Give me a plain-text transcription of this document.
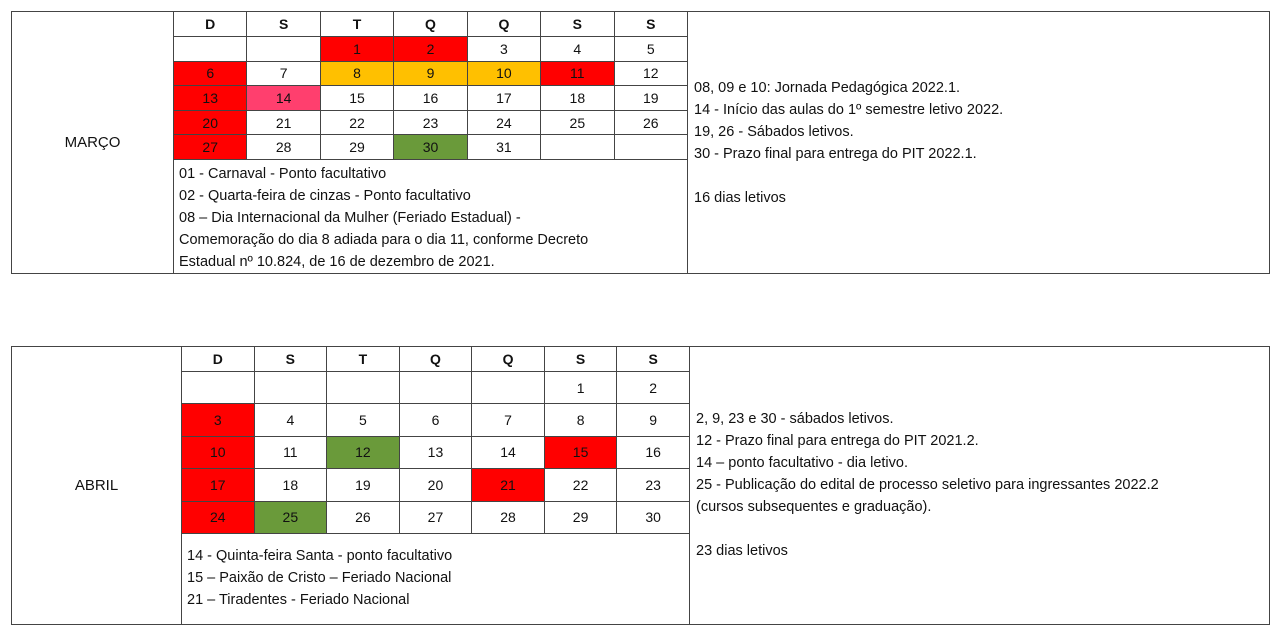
MARÇO
D	S	T	Q	Q	S	S
		1	2	3	4	5
6	7	8	9	10	11	12
13	14	15	16	17	18	19
20	21	22	23	24	25	26
27	28	29	30	31		
01 - Carnaval - Ponto facultativo
02 - Quarta-feira de cinzas - Ponto facultativo
08 – Dia Internacional da Mulher (Feriado Estadual) -
Comemoração do dia 8 adiada para o dia 11, conforme Decreto
Estadual nº 10.824, de 16 de dezembro de 2021.
08, 09 e 10: Jornada Pedagógica 2022.1.
14 - Início das aulas do 1º semestre letivo 2022.
19, 26 - Sábados letivos.
30 - Prazo final para entrega do PIT 2022.1.
16 dias letivos
ABRIL
D	S	T	Q	Q	S	S
					1	2
3	4	5	6	7	8	9
10	11	12	13	14	15	16
17	18	19	20	21	22	23
24	25	26	27	28	29	30
14 - Quinta-feira Santa - ponto facultativo
15 – Paixão de Cristo – Feriado Nacional
21 – Tiradentes - Feriado Nacional
2, 9, 23 e 30 - sábados letivos.
12 - Prazo final para entrega do PIT 2021.2.
14 – ponto facultativo - dia letivo.
25 - Publicação do edital de processo seletivo para ingressantes 2022.2
(cursos subsequentes e graduação).
23 dias letivos
